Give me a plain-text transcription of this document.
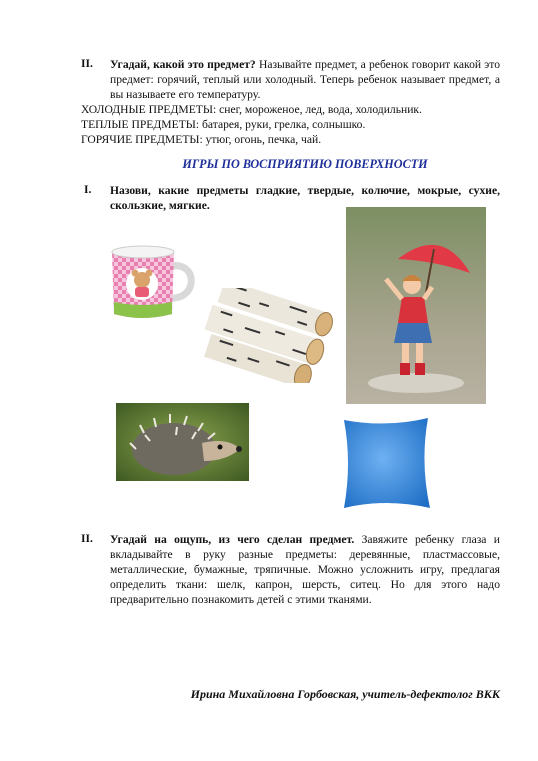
II. Угадай, какой это предмет? Называйте предмет, а ребенок говорит какой это предмет: горячий, теплый или холодный. Теперь ребенок называет предмет, а вы называете его температуру.
ХОЛОДНЫЕ ПРЕДМЕТЫ: снег, мороженое, лед, вода, холодильник.
ТЕПЛЫЕ ПРЕДМЕТЫ: батарея, руки, грелка, солнышко.
ГОРЯЧИЕ ПРЕДМЕТЫ: утюг, огонь, печка, чай.
ИГРЫ ПО ВОСПРИЯТИЮ ПОВЕРХНОСТИ
I. Назови, какие предметы гладкие, твердые, колючие, мокрые, сухие, скользкие, мягкие.
II. Угадай на ощупь, из чего сделан предмет. Завяжите ребенку глаза и вкладывайте в руку разные предметы: деревянные, пластмассовые, металлические, бумажные, тряпичные. Можно усложнить игру, предлагая определить ткани: шелк, капрон, шерсть, ситец. Но для этого надо предварительно познакомить детей с этими тканями.
Ирина Михайловна Горбовская, учитель-дефектолог ВКК
